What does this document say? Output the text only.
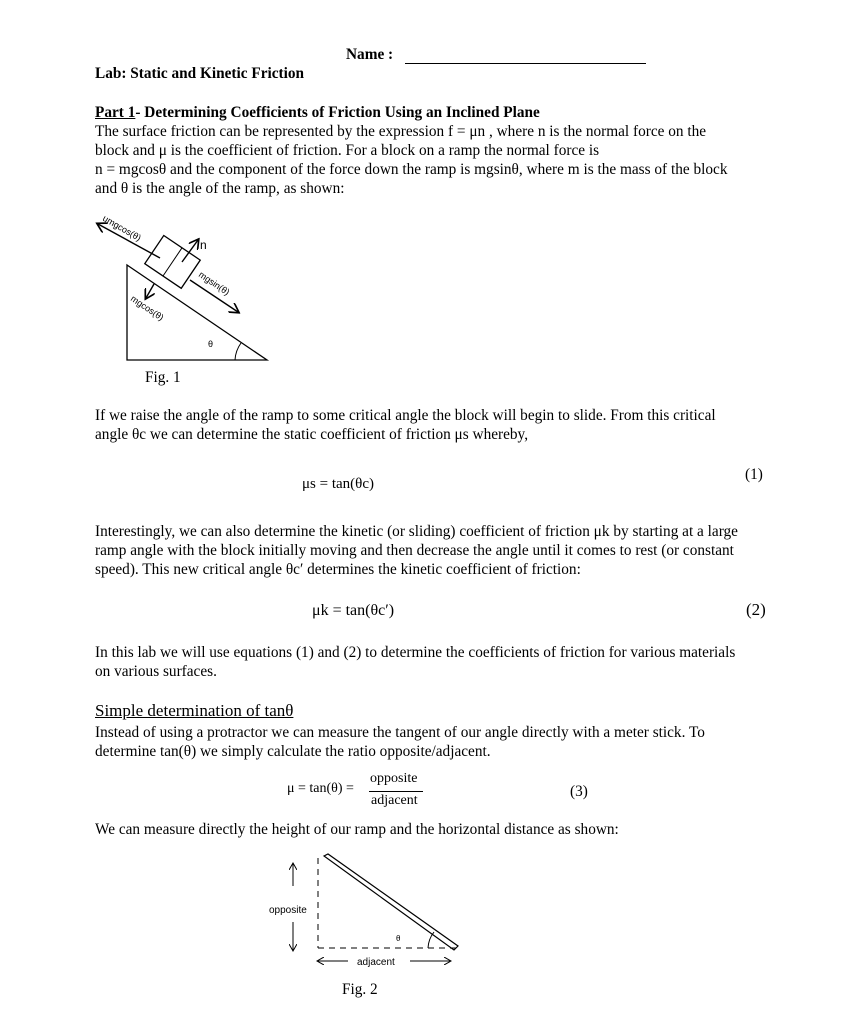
Name :
Lab: Static and Kinetic Friction
Part 1- Determining Coefficients of Friction Using an Inclined Plane
The surface friction can be represented by the expression f = μn , where n is the normal force on the
block and μ is the coefficient of friction. For a block on a ramp the normal force is
n = mgcosθ and the component of the force down the ramp is mgsinθ, where m is the mass of the block
and θ is the angle of the ramp, as shown:
umgcos(θ)
n
mgsin(θ)
mgcos(θ)
θ
Fig. 1
If we raise the angle of the ramp to some critical angle the block will begin to slide. From this critical
angle θc we can determine the static coefficient of friction μs whereby,
μs = tan(θc)
(1)
Interestingly, we can also determine the kinetic (or sliding) coefficient of friction μk by starting at a large
ramp angle with the block initially moving and then decrease the angle until it comes to rest (or constant
speed). This new critical angle θc′ determines the kinetic coefficient of friction:
μk = tan(θc′)	(2)
In this lab we will use equations (1) and (2) to determine the coefficients of friction for various materials
on various surfaces.
Simple determination of tanθ
Instead of using a protractor we can measure the tangent of our angle directly with a meter stick. To
determine tan(θ) we simply calculate the ratio opposite/adjacent.
μ = tan(θ) =
opposite
adjacent
(3)
We can measure directly the height of our ramp and the horizontal distance as shown:
θ
opposite
adjacent
Fig. 2
